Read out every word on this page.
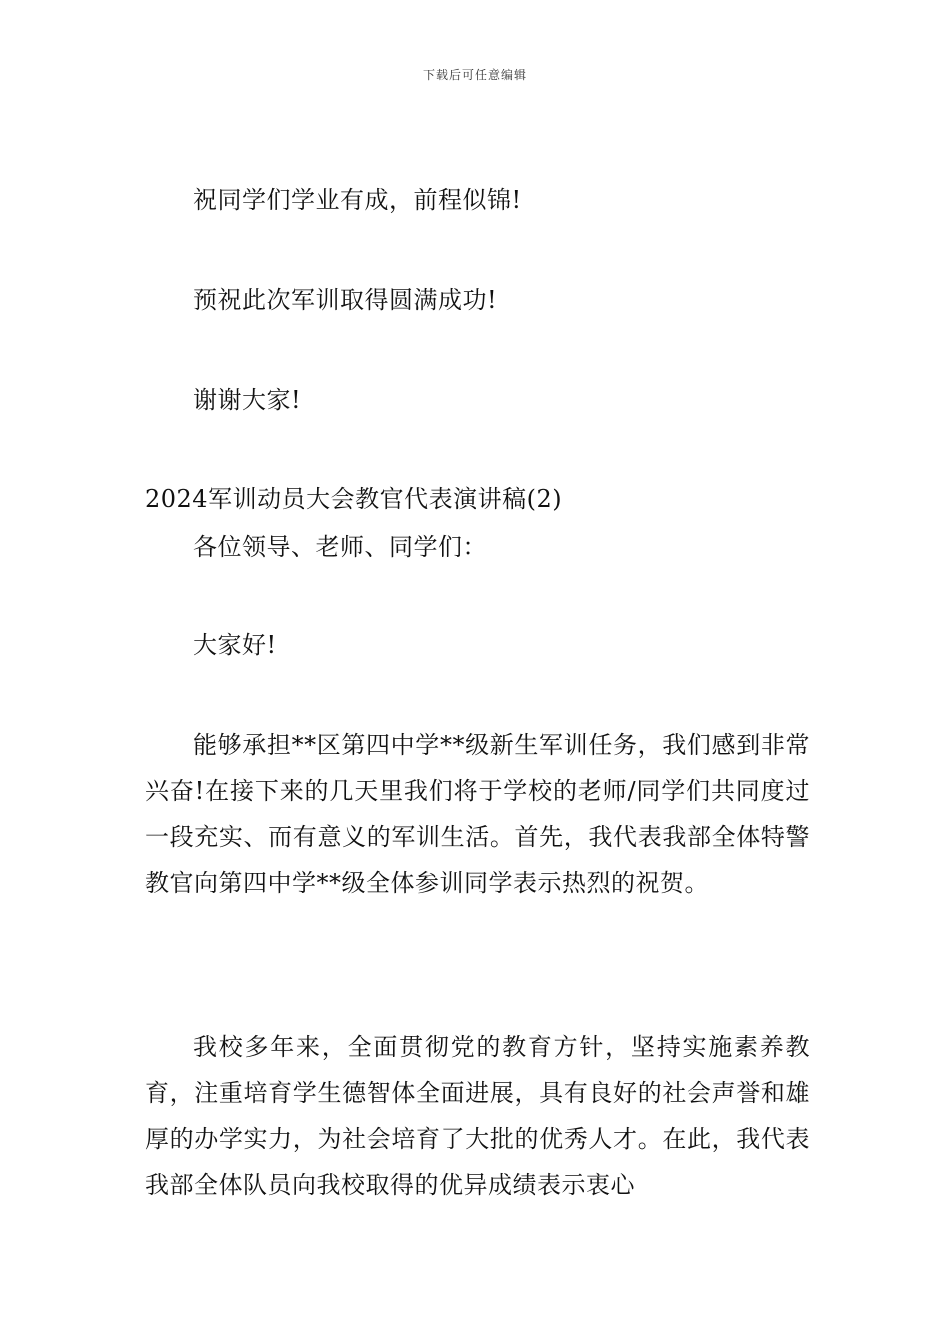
下载后可任意编辑

祝同学们学业有成，前程似锦!

预祝此次军训取得圆满成功!

谢谢大家!

2024军训动员大会教官代表演讲稿(2)

各位领导、老师、同学们：

大家好!

能够承担**区第四中学**级新生军训任务，我们感到非常兴奋!在接下来的几天里我们将于学校的老师/同学们共同度过一段充实、而有意义的军训生活。首先，我代表我部全体特警教官向第四中学**级全体参训同学表示热烈的祝贺。

我校多年来，全面贯彻党的教育方针，坚持实施素养教育，注重培育学生德智体全面进展，具有良好的社会声誉和雄厚的办学实力，为社会培育了大批的优秀人才。在此，我代表我部全体队员向我校取得的优异成绩表示衷心
